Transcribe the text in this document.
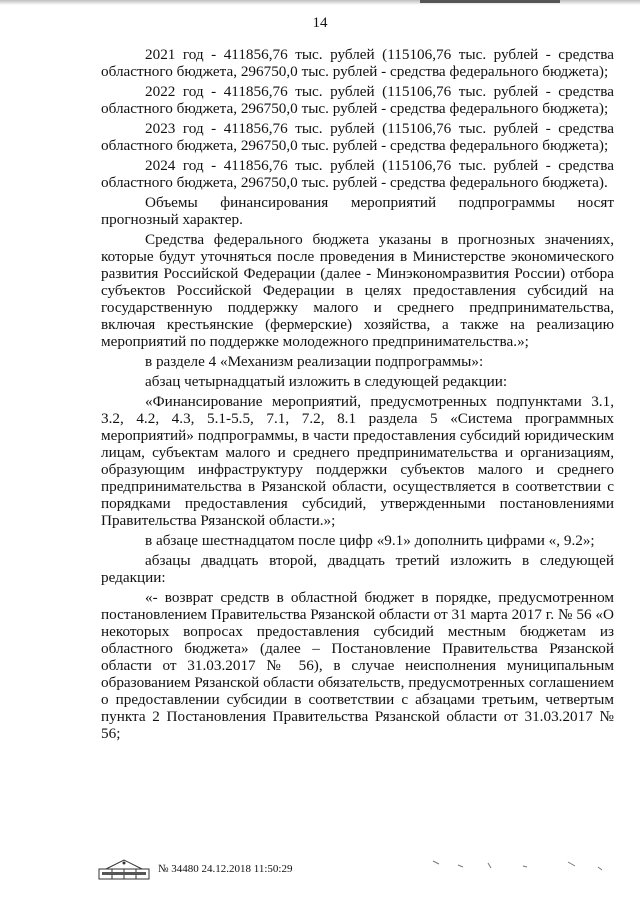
14

2021 год - 411856,76 тыс. рублей (115106,76 тыс. рублей - средства областного бюджета, 296750,0 тыс. рублей - средства федерального бюджета);

2022 год - 411856,76 тыс. рублей (115106,76 тыс. рублей - средства областного бюджета, 296750,0 тыс. рублей - средства федерального бюджета);

2023 год - 411856,76 тыс. рублей (115106,76 тыс. рублей - средства областного бюджета, 296750,0 тыс. рублей - средства федерального бюджета);

2024 год - 411856,76 тыс. рублей (115106,76 тыс. рублей - средства областного бюджета, 296750,0 тыс. рублей - средства федерального бюджета).

Объемы финансирования мероприятий подпрограммы носят прогнозный характер.

Средства федерального бюджета указаны в прогнозных значениях, которые будут уточняться после проведения в Министерстве экономического развития Российской Федерации (далее - Минэкономразвития России) отбора субъектов Российской Федерации в целях предоставления субсидий на государственную поддержку малого и среднего предпринимательства, включая крестьянские (фермерские) хозяйства, а также на реализацию мероприятий по поддержке молодежного предпринимательства.»;

в разделе 4 «Механизм реализации подпрограммы»:

абзац четырнадцатый изложить в следующей редакции:

«Финансирование мероприятий, предусмотренных подпунктами 3.1, 3.2, 4.2, 4.3, 5.1-5.5, 7.1, 7.2, 8.1 раздела 5 «Система программных мероприятий» подпрограммы, в части предоставления субсидий юридическим лицам, субъектам малого и среднего предпринимательства и организациям, образующим инфраструктуру поддержки субъектов малого и среднего предпринимательства в Рязанской области, осуществляется в соответствии с порядками предоставления субсидий, утвержденными постановлениями Правительства Рязанской области.»;

в абзаце шестнадцатом после цифр «9.1» дополнить цифрами «, 9.2»;

абзацы двадцать второй, двадцать третий изложить в следующей редакции:

«- возврат средств в областной бюджет в порядке, предусмотренном постановлением Правительства Рязанской области от 31 марта 2017 г. № 56 «О некоторых вопросах предоставления субсидий местным бюджетам из областного бюджета» (далее – Постановление Правительства Рязанской области от 31.03.2017 № 56), в случае неисполнения муниципальным образованием Рязанской области обязательств, предусмотренных соглашением о предоставлении субсидии в соответствии с абзацами третьим, четвертым пункта 2 Постановления Правительства Рязанской области от 31.03.2017 № 56;

№ 34480 24.12.2018 11:50:29
